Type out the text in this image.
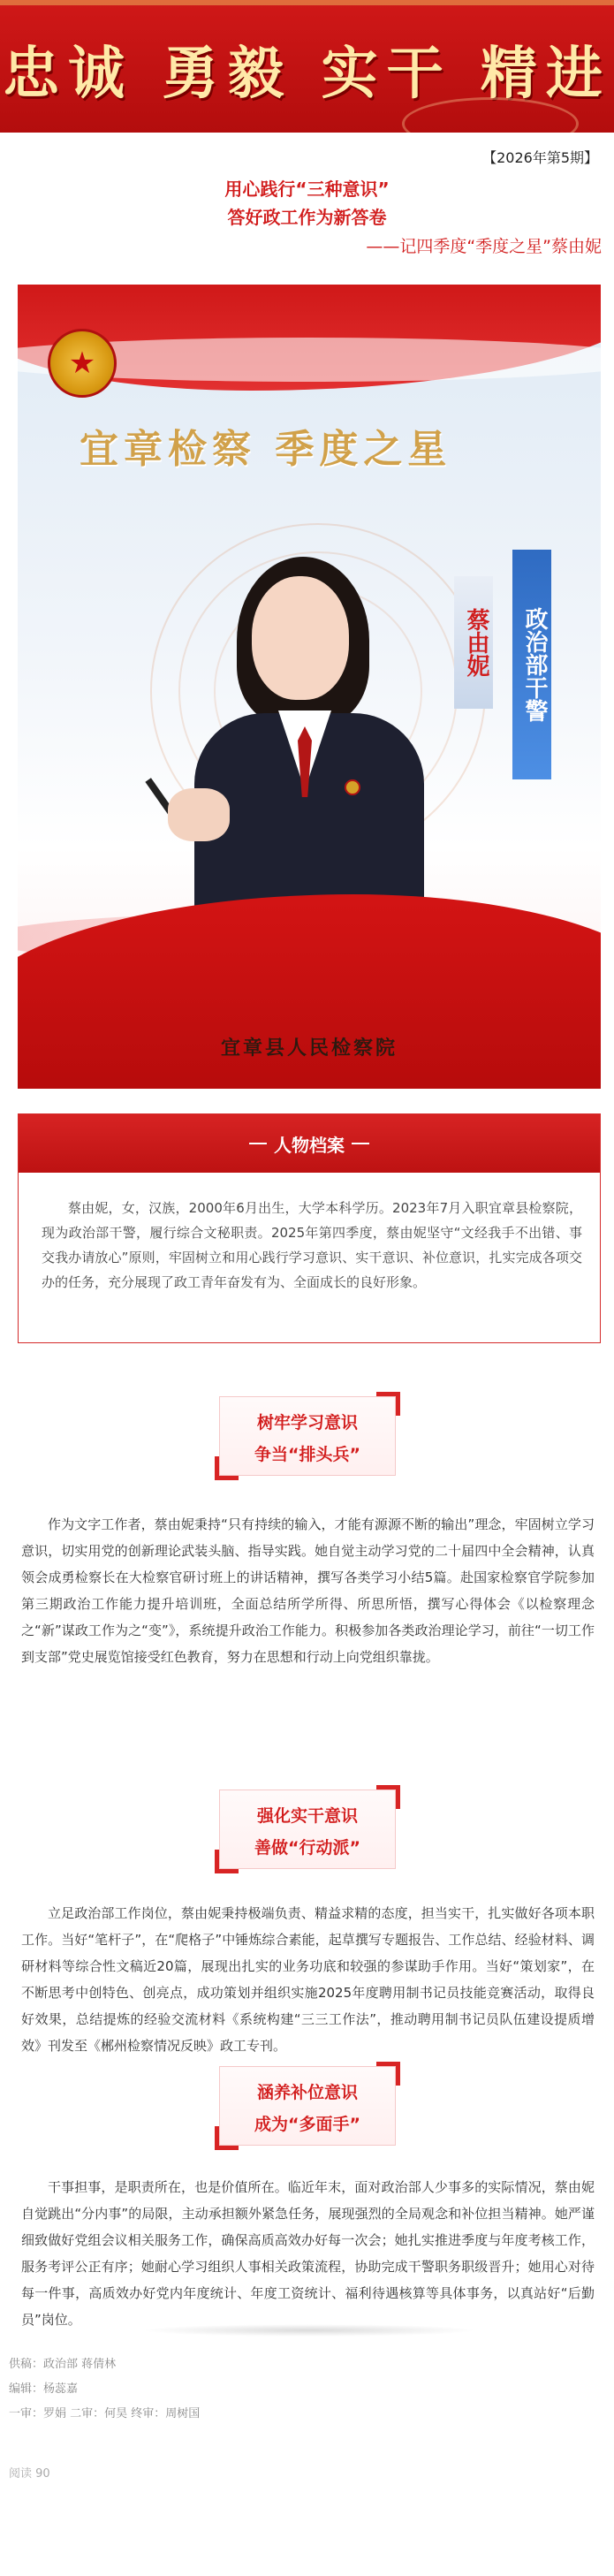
忠诚 勇毅 实干 精进
【2026年第5期】
用心践行“三种意识”
答好政工作为新答卷
——记四季度“季度之星”蔡由妮
★
宜章检察 季度之星
蔡由妮	政治部干警
宜章县人民检察院
人物档案
蔡由妮，女，汉族，2000年6月出生，大学本科学历。2023年7月入职宜章县检察院，现为政治部干警，履行综合文秘职责。2025年第四季度，蔡由妮坚守“文经我手不出错、事交我办请放心”原则，牢固树立和用心践行学习意识、实干意识、补位意识，扎实完成各项交办的任务，充分展现了政工青年奋发有为、全面成长的良好形象。
树牢学习意识
争当“排头兵”
作为文字工作者，蔡由妮秉持“只有持续的输入，才能有源源不断的输出”理念，牢固树立学习意识，切实用党的创新理论武装头脑、指导实践。她自觉主动学习党的二十届四中全会精神，认真领会成勇检察长在大检察官研讨班上的讲话精神，撰写各类学习小结5篇。赴国家检察官学院参加第三期政治工作能力提升培训班，全面总结所学所得、所思所悟，撰写心得体会《以检察理念之“新”谋政工作为之“变”》，系统提升政治工作能力。积极参加各类政治理论学习，前往“一切工作到支部”党史展览馆接受红色教育，努力在思想和行动上向党组织靠拢。
强化实干意识
善做“行动派”
立足政治部工作岗位，蔡由妮秉持极端负责、精益求精的态度，担当实干，扎实做好各项本职工作。当好“笔杆子”，在“爬格子”中锤炼综合素能，起草撰写专题报告、工作总结、经验材料、调研材料等综合性文稿近20篇，展现出扎实的业务功底和较强的参谋助手作用。当好“策划家”，在不断思考中创特色、创亮点，成功策划并组织实施2025年度聘用制书记员技能竞赛活动，取得良好效果，总结提炼的经验交流材料《系统构建“三三工作法”，推动聘用制书记员队伍建设提质增效》刊发至《郴州检察情况反映》政工专刊。
涵养补位意识
成为“多面手”
干事担事，是职责所在，也是价值所在。临近年末，面对政治部人少事多的实际情况，蔡由妮自觉跳出“分内事”的局限，主动承担额外紧急任务，展现强烈的全局观念和补位担当精神。她严谨细致做好党组会议相关服务工作，确保高质高效办好每一次会；她扎实推进季度与年度考核工作，服务考评公正有序；她耐心学习组织人事相关政策流程，协助完成干警职务职级晋升；她用心对待每一件事，高质效办好党内年度统计、年度工资统计、福利待遇核算等具体事务，以真站好“后勤员”岗位。
供稿：政治部 蒋倩林
编辑：杨蕊嘉
一审：罗娟 二审：何昊 终审：周树国
阅读 90
